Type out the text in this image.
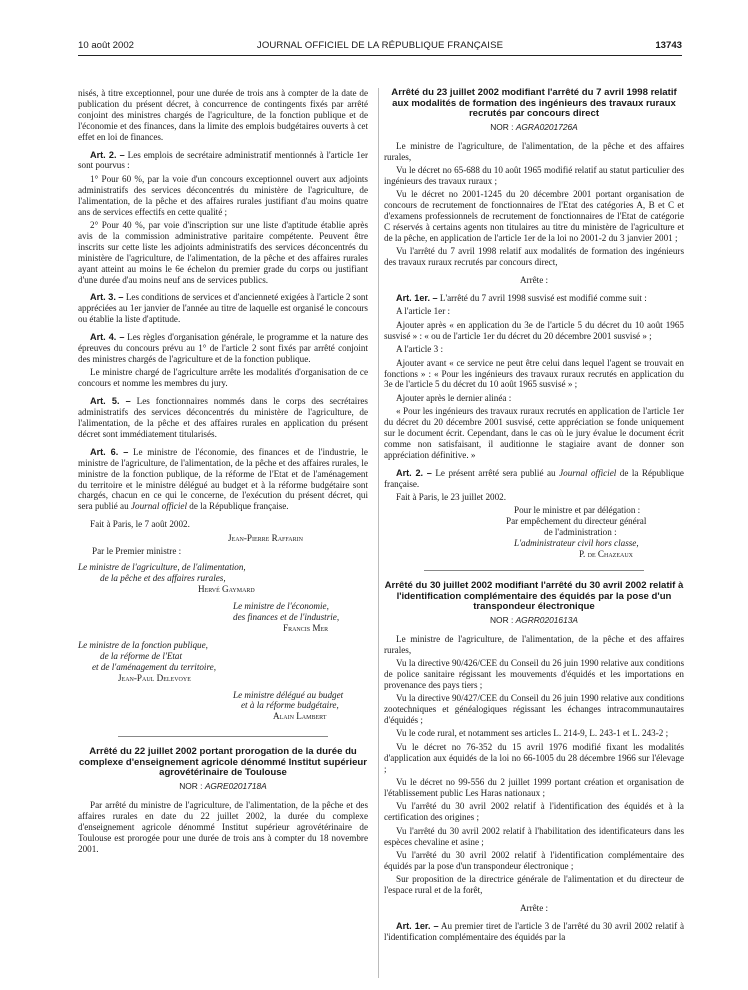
10 août 2002	JOURNAL OFFICIEL DE LA RÉPUBLIQUE FRANÇAISE	13743

nisés, à titre exceptionnel, pour une durée de trois ans à compter de la date de publication du présent décret, à concurrence de contingents fixés par arrêté conjoint des ministres chargés de l'agriculture, de la fonction publique et de l'économie et des finances, dans la limite des emplois budgétaires ouverts à cet effet en loi de finances.

Art. 2. – Les emplois de secrétaire administratif mentionnés à l'article 1er sont pourvus :

1° Pour 60 %, par la voie d'un concours exceptionnel ouvert aux adjoints administratifs des services déconcentrés du ministère de l'agriculture, de l'alimentation, de la pêche et des affaires rurales justifiant d'au moins quatre ans de services effectifs en cette qualité ;

2° Pour 40 %, par voie d'inscription sur une liste d'aptitude établie après avis de la commission administrative paritaire compétente. Peuvent être inscrits sur cette liste les adjoints administratifs des services déconcentrés du ministère de l'agriculture, de l'alimentation, de la pêche et des affaires rurales ayant atteint au moins le 6e échelon du premier grade du corps ou justifiant d'une durée d'au moins neuf ans de services publics.

Art. 3. – Les conditions de services et d'ancienneté exigées à l'article 2 sont appréciées au 1er janvier de l'année au titre de laquelle est organisé le concours ou établie la liste d'aptitude.

Art. 4. – Les règles d'organisation générale, le programme et la nature des épreuves du concours prévu au 1° de l'article 2 sont fixés par arrêté conjoint des ministres chargés de l'agriculture et de la fonction publique.

Le ministre chargé de l'agriculture arrête les modalités d'organisation de ce concours et nomme les membres du jury.

Art. 5. – Les fonctionnaires nommés dans le corps des secrétaires administratifs des services déconcentrés du ministère de l'agriculture, de l'alimentation, de la pêche et des affaires rurales en application du présent décret sont immédiatement titularisés.

Art. 6. – Le ministre de l'économie, des finances et de l'industrie, le ministre de l'agriculture, de l'alimentation, de la pêche et des affaires rurales, le ministre de la fonction publique, de la réforme de l'Etat et de l'aménagement du territoire et le ministre délégué au budget et à la réforme budgétaire sont chargés, chacun en ce qui le concerne, de l'exécution du présent décret, qui sera publié au Journal officiel de la République française.

Fait à Paris, le 7 août 2002.

Jean-Pierre Raffarin

Par le Premier ministre :

Le ministre de l'agriculture, de l'alimentation,

de la pêche et des affaires rurales,

Hervé Gaymard

Le ministre de l'économie,

des finances et de l'industrie,

Francis Mer

Le ministre de la fonction publique,

de la réforme de l'Etat

et de l'aménagement du territoire,

Jean-Paul Delevoye

Le ministre délégué au budget

et à la réforme budgétaire,

Alain Lambert

Arrêté du 22 juillet 2002 portant prorogation de la durée du complexe d'enseignement agricole dénommé Institut supérieur agrovétérinaire de Toulouse

NOR : AGRE0201718A

Par arrêté du ministre de l'agriculture, de l'alimentation, de la pêche et des affaires rurales en date du 22 juillet 2002, la durée du complexe d'enseignement agricole dénommé Institut supérieur agrovétérinaire de Toulouse est prorogée pour une durée de trois ans à compter du 18 novembre 2001.

Arrêté du 23 juillet 2002 modifiant l'arrêté du 7 avril 1998 relatif aux modalités de formation des ingénieurs des travaux ruraux recrutés par concours direct

NOR : AGRA0201726A

Le ministre de l'agriculture, de l'alimentation, de la pêche et des affaires rurales,

Vu le décret no 65-688 du 10 août 1965 modifié relatif au statut particulier des ingénieurs des travaux ruraux ;

Vu le décret no 2001-1245 du 20 décembre 2001 portant organisation de concours de recrutement de fonctionnaires de l'Etat des catégories A, B et C et d'examens professionnels de recrutement de fonctionnaires de l'Etat de catégorie C réservés à certains agents non titulaires au titre du ministère de l'agriculture et de la pêche, en application de l'article 1er de la loi no 2001-2 du 3 janvier 2001 ;

Vu l'arrêté du 7 avril 1998 relatif aux modalités de formation des ingénieurs des travaux ruraux recrutés par concours direct,

Arrête :

Art. 1er. – L'arrêté du 7 avril 1998 susvisé est modifié comme suit :

A l'article 1er :

Ajouter après « en application du 3e de l'article 5 du décret du 10 août 1965 susvisé » : « ou de l'article 1er du décret du 20 décembre 2001 susvisé » ;

A l'article 3 :

Ajouter avant « ce service ne peut être celui dans lequel l'agent se trouvait en fonctions » : « Pour les ingénieurs des travaux ruraux recrutés en application du 3e de l'article 5 du décret du 10 août 1965 susvisé » ;

Ajouter après le dernier alinéa :

« Pour les ingénieurs des travaux ruraux recrutés en application de l'article 1er du décret du 20 décembre 2001 susvisé, cette appréciation se fonde uniquement sur le document écrit. Cependant, dans le cas où le jury évalue le document écrit comme non satisfaisant, il auditionne le stagiaire avant de donner son appréciation définitive. »

Art. 2. – Le présent arrêté sera publié au Journal officiel de la République française.

Fait à Paris, le 23 juillet 2002.

Pour le ministre et par délégation :

Par empêchement du directeur général

de l'administration :

L'administrateur civil hors classe,

P. de Chazeaux

Arrêté du 30 juillet 2002 modifiant l'arrêté du 30 avril 2002 relatif à l'identification complémentaire des équidés par la pose d'un transpondeur électronique

NOR : AGRR0201613A

Le ministre de l'agriculture, de l'alimentation, de la pêche et des affaires rurales,

Vu la directive 90/426/CEE du Conseil du 26 juin 1990 relative aux conditions de police sanitaire régissant les mouvements d'équidés et les importations en provenance des pays tiers ;

Vu la directive 90/427/CEE du Conseil du 26 juin 1990 relative aux conditions zootechniques et généalogiques régissant les échanges intracommunautaires d'équidés ;

Vu le code rural, et notamment ses articles L. 214-9, L. 243-1 et L. 243-2 ;

Vu le décret no 76-352 du 15 avril 1976 modifié fixant les modalités d'application aux équidés de la loi no 66-1005 du 28 décembre 1966 sur l'élevage ;

Vu le décret no 99-556 du 2 juillet 1999 portant création et organisation de l'établissement public Les Haras nationaux ;

Vu l'arrêté du 30 avril 2002 relatif à l'identification des équidés et à la certification des origines ;

Vu l'arrêté du 30 avril 2002 relatif à l'habilitation des identificateurs dans les espèces chevaline et asine ;

Vu l'arrêté du 30 avril 2002 relatif à l'identification complémentaire des équidés par la pose d'un transpondeur électronique ;

Sur proposition de la directrice générale de l'alimentation et du directeur de l'espace rural et de la forêt,

Arrête :

Art. 1er. – Au premier tiret de l'article 3 de l'arrêté du 30 avril 2002 relatif à l'identification complémentaire des équidés par la
